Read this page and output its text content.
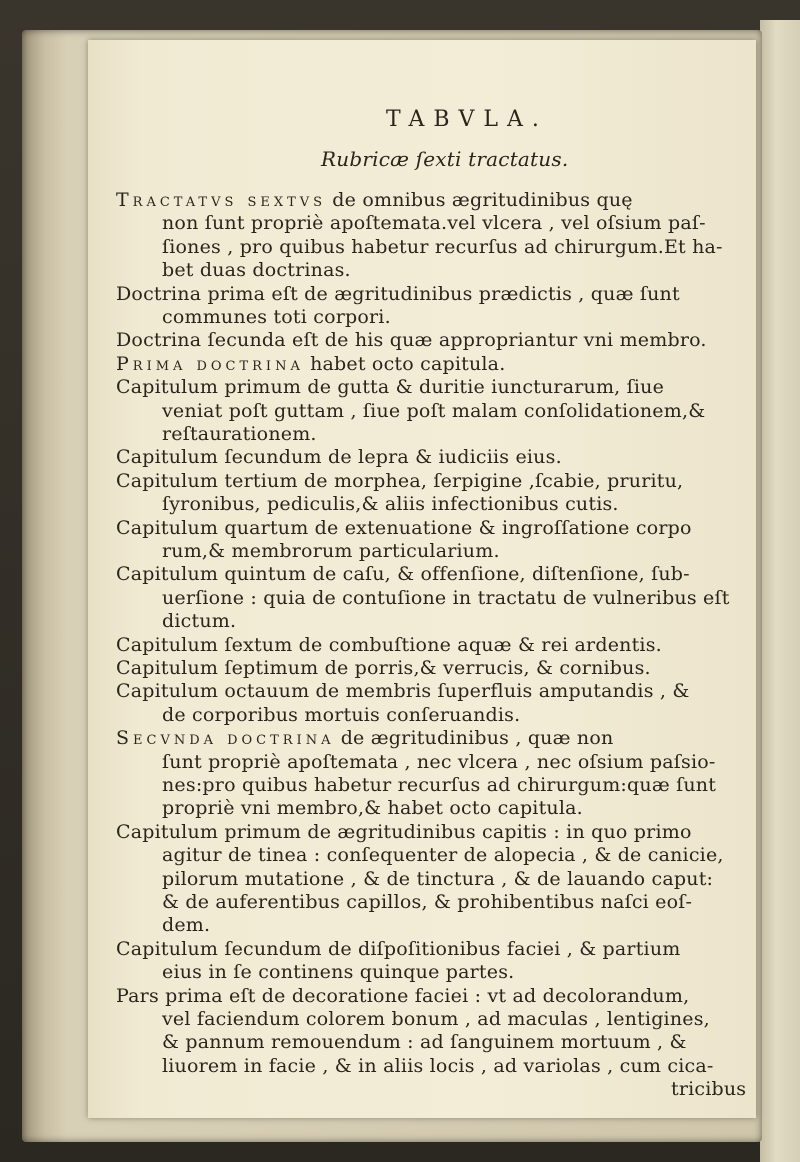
TABVLA.
Rubricæ ſexti tractatus.
Tractatvs sextvs de omnibus ægritudinibus quę
non ſunt propriè apoſtemata.vel vlcera , vel oſsium paſ-
ſiones , pro quibus habetur recurſus ad chirurgum.Et ha-
bet duas doctrinas.
Doctrina prima eſt de ægritudinibus prædictis , quæ ſunt
communes toti corpori.
Doctrina ſecunda eſt de his quæ appropriantur vni membro.
Prima doctrina habet octo capitula.
Capitulum primum de gutta & duritie iuncturarum, ſiue
veniat poſt guttam , ſiue poſt malam conſolidationem,&
reſtaurationem.
Capitulum ſecundum de lepra & iudiciis eius.
Capitulum tertium de morphea, ſerpigine ,ſcabie, pruritu,
ſyronibus, pediculis,& aliis infectionibus cutis.
Capitulum quartum de extenuatione & ingroſſatione corpo
rum,& membrorum particularium.
Capitulum quintum de caſu, & offenſione, diſtenſione, ſub-
uerſione : quia de contuſione in tractatu de vulneribus eſt
dictum.
Capitulum ſextum de combuſtione aquæ & rei ardentis.
Capitulum ſeptimum de porris,& verrucis, & cornibus.
Capitulum octauum de membris ſuperfluis amputandis , &
de corporibus mortuis conſeruandis.
Secvnda doctrina de ægritudinibus , quæ non
ſunt propriè apoſtemata , nec vlcera , nec oſsium paſsio-
nes:pro quibus habetur recurſus ad chirurgum:quæ ſunt
propriè vni membro,& habet octo capitula.
Capitulum primum de ægritudinibus capitis : in quo primo
agitur de tinea : conſequenter de alopecia , & de canicie,
pilorum mutatione , & de tinctura , & de lauando caput:
& de auferentibus capillos, & prohibentibus naſci eoſ-
dem.
Capitulum ſecundum de diſpoſitionibus faciei , & partium
eius in ſe continens quinque partes.
Pars prima eſt de decoratione faciei : vt ad decolorandum,
vel faciendum colorem bonum , ad maculas , lentigines,
& pannum remouendum : ad ſanguinem mortuum , &
liuorem in facie , & in aliis locis , ad variolas , cum cica-
tricibus
